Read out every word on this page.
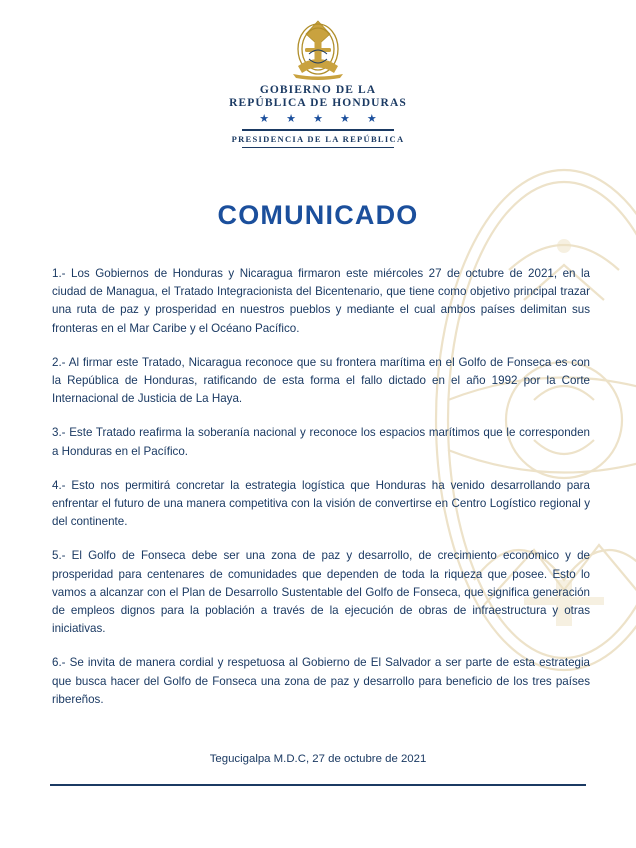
GOBIERNO DE LA
REPÚBLICA DE HONDURAS
★ ★ ★ ★ ★
PRESIDENCIA DE LA REPÚBLICA
COMUNICADO

1.- Los Gobiernos de Honduras y Nicaragua firmaron este miércoles 27 de octubre de 2021, en la ciudad de Managua, el Tratado Integracionista del Bicentenario, que tiene como objetivo principal trazar una ruta de paz y prosperidad en nuestros pueblos y mediante el cual ambos países delimitan sus fronteras en el Mar Caribe y el Océano Pacífico.

2.- Al firmar este Tratado, Nicaragua reconoce que su frontera marítima en el Golfo de Fonseca es con la República de Honduras, ratificando de esta forma el fallo dictado en el año 1992 por la Corte Internacional de Justicia de La Haya.

3.- Este Tratado reafirma la soberanía nacional y reconoce los espacios marítimos que le corresponden a Honduras en el Pacífico.

4.- Esto nos permitirá concretar la estrategia logística que Honduras ha venido desarrollando para enfrentar el futuro de una manera competitiva con la visión de convertirse en Centro Logístico regional y del continente.

5.- El Golfo de Fonseca debe ser una zona de paz y desarrollo, de crecimiento económico y de prosperidad para centenares de comunidades que dependen de toda la riqueza que posee. Esto lo vamos a alcanzar con el Plan de Desarrollo Sustentable del Golfo de Fonseca, que significa generación de empleos dignos para la población a través de la ejecución de obras de infraestructura y otras iniciativas.

6.- Se invita de manera cordial y respetuosa al Gobierno de El Salvador a ser parte de esta estrategia que busca hacer del Golfo de Fonseca una zona de paz y desarrollo para beneficio de los tres países ribereños.

Tegucigalpa M.D.C, 27 de octubre de 2021
